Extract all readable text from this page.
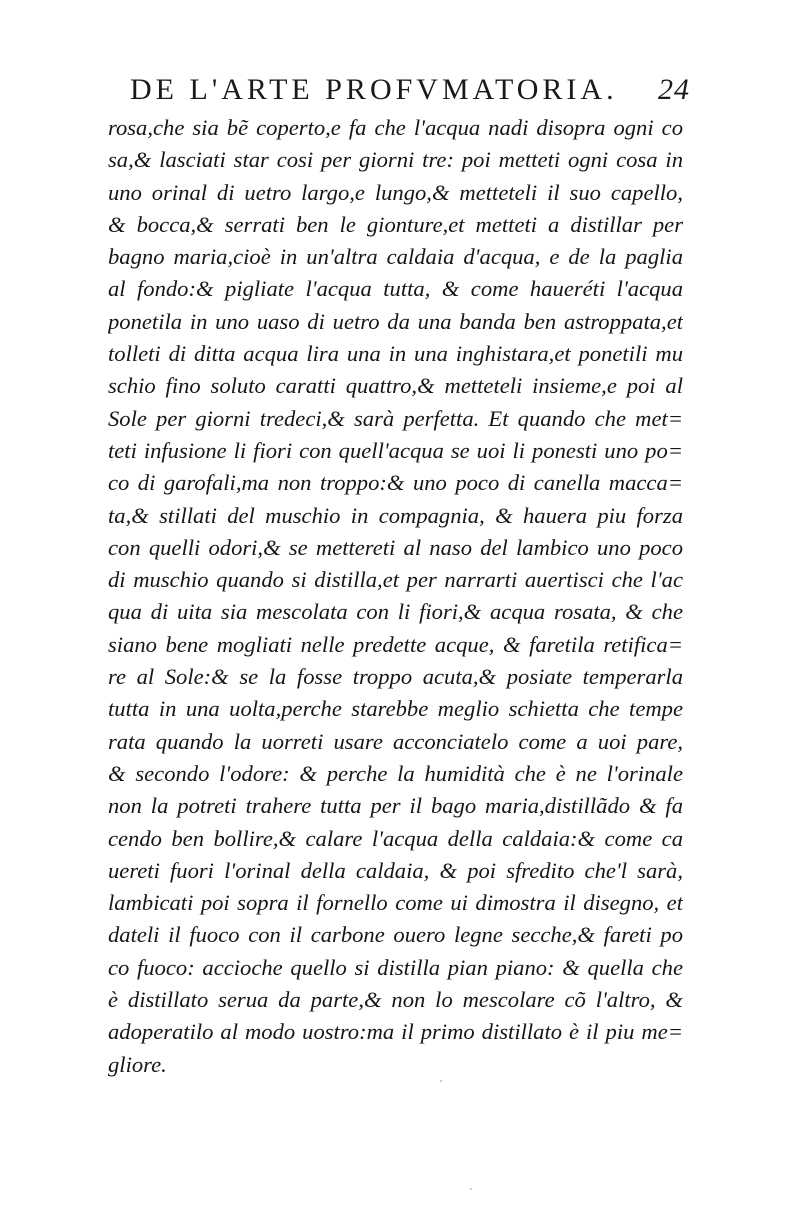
DE L'ARTE PROFVMATORIA. 24
rosa,che sia bẽ coperto,e fa che l'acqua nadi disopra ogni co
sa,& lasciati star cosi per giorni tre: poi metteti ogni cosa in
uno orinal di uetro largo,e lungo,& metteteli il suo capello,
& bocca,& serrati ben le gionture,et metteti a distillar per
bagno maria,cioè in un'altra caldaia d'acqua, e de la paglia
al fondo:& pigliate l'acqua tutta, & come haueréti l'acqua
ponetila in uno uaso di uetro da una banda ben astroppata,et
tolleti di ditta acqua lira una in una inghistara,et ponetili mu
schio fino soluto caratti quattro,& metteteli insieme,e poi al
Sole per giorni tredeci,& sarà perfetta. Et quando che met=
teti infusione li fiori con quell'acqua se uoi li ponesti uno po=
co di garofali,ma non troppo:& uno poco di canella macca=
ta,& stillati del muschio in compagnia, & hauera piu forza
con quelli odori,& se mettereti al naso del lambico uno poco
di muschio quando si distilla,et per narrarti auertisci che l'ac
qua di uita sia mescolata con li fiori,& acqua rosata, & che
siano bene mogliati nelle predette acque, & faretila retifica=
re al Sole:& se la fosse troppo acuta,& posiate temperarla
tutta in una uolta,perche starebbe meglio schietta che tempe
rata quando la uorreti usare acconciatelo come a uoi pare,
& secondo l'odore: & perche la humidità che è ne l'orinale
non la potreti trahere tutta per il bago maria,distillãdo & fa
cendo ben bollire,& calare l'acqua della caldaia:& come ca
uereti fuori l'orinal della caldaia, & poi sfredito che'l sarà,
lambicati poi sopra il fornello come ui dimostra il disegno, et
dateli il fuoco con il carbone ouero legne secche,& fareti po
co fuoco: accioche quello si distilla pian piano: & quella che
è distillato serua da parte,& non lo mescolare cõ l'altro, &
adoperatilo al modo uostro:ma il primo distillato è il piu me=
gliore.
